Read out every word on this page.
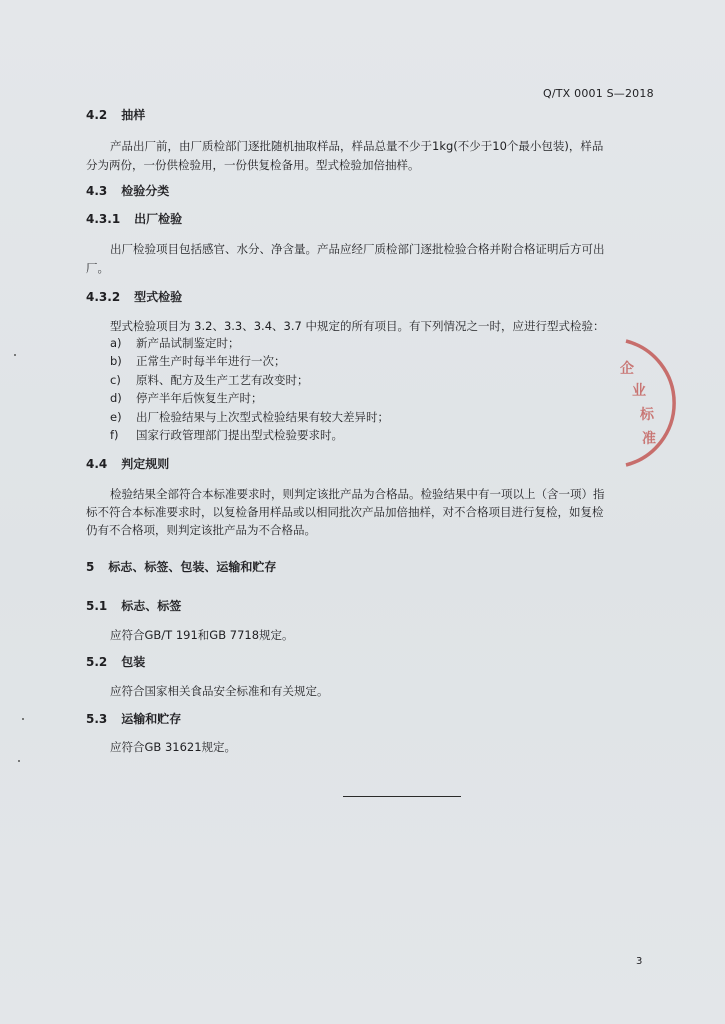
Q/TX 0001 S—2018
4.2 抽样
产品出厂前，由厂质检部门逐批随机抽取样品，样品总量不少于1kg(不少于10个最小包装)，样品
分为两份，一份供检验用，一份供复检备用。型式检验加倍抽样。
4.3 检验分类
4.3.1 出厂检验
出厂检验项目包括感官、水分、净含量。产品应经厂质检部门逐批检验合格并附合格证明后方可出
厂。
4.3.2 型式检验
型式检验项目为 3.2、3.3、3.4、3.7 中规定的所有项目。有下列情况之一时，应进行型式检验：
a) 新产品试制鉴定时；
b) 正常生产时每半年进行一次；
c) 原料、配方及生产工艺有改变时；
d) 停产半年后恢复生产时；
e) 出厂检验结果与上次型式检验结果有较大差异时；
f) 国家行政管理部门提出型式检验要求时。
4.4 判定规则
检验结果全部符合本标准要求时，则判定该批产品为合格品。检验结果中有一项以上（含一项）指
标不符合本标准要求时，以复检备用样品或以相同批次产品加倍抽样，对不合格项目进行复检，如复检
仍有不合格项，则判定该批产品为不合格品。
5 标志、标签、包装、运输和贮存
5.1 标志、标签
应符合GB/T 191和GB 7718规定。
5.2 包装
应符合国家相关食品安全标准和有关规定。
5.3 运输和贮存
应符合GB 31621规定。
3
企
业
标
准
